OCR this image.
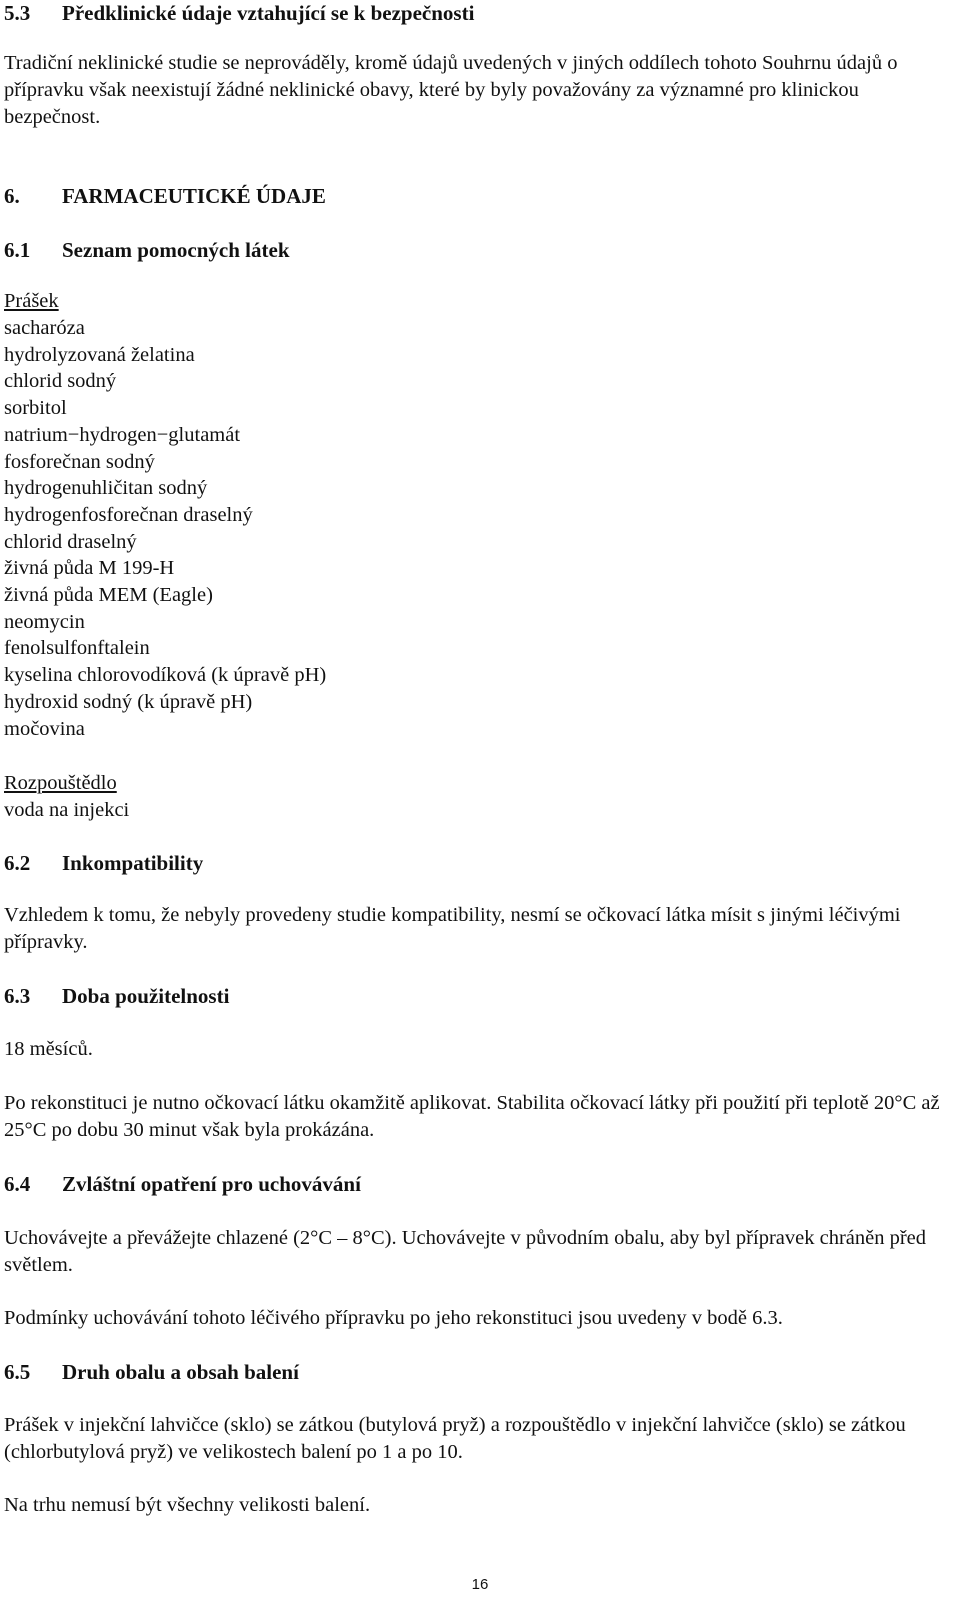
5.3 Předklinické údaje vztahující se k bezpečnosti
Tradiční neklinické studie se neprováděly, kromě údajů uvedených v jiných oddílech tohoto Souhrnu údajů o přípravku však neexistují žádné neklinické obavy, které by byly považovány za významné pro klinickou bezpečnost.
6. FARMACEUTICKÉ ÚDAJE
6.1 Seznam pomocných látek
Prášek
sacharóza
hydrolyzovaná želatina
chlorid sodný
sorbitol
natrium−hydrogen−glutamát
fosforečnan sodný
hydrogenuhličitan sodný
hydrogenfosforečnan draselný
chlorid draselný
živná půda M 199-H
živná půda MEM (Eagle)
neomycin
fenolsulfonftalein
kyselina chlorovodíková (k úpravě pH)
hydroxid sodný (k úpravě pH)
močovina
Rozpouštědlo
voda na injekci
6.2 Inkompatibility
Vzhledem k tomu, že nebyly provedeny studie kompatibility, nesmí se očkovací látka mísit s jinými léčivými přípravky.
6.3 Doba použitelnosti
18 měsíců.
Po rekonstituci je nutno očkovací látku okamžitě aplikovat. Stabilita očkovací látky při použití při teplotě 20°C až 25°C po dobu 30 minut však byla prokázána.
6.4 Zvláštní opatření pro uchovávání
Uchovávejte a převážejte chlazené (2°C – 8°C). Uchovávejte v původním obalu, aby byl přípravek chráněn před světlem.
Podmínky uchovávání tohoto léčivého přípravku po jeho rekonstituci jsou uvedeny v bodě 6.3.
6.5 Druh obalu a obsah balení
Prášek v injekční lahvičce (sklo) se zátkou (butylová pryž) a rozpouštědlo v injekční lahvičce (sklo) se zátkou (chlorbutylová pryž) ve velikostech balení po 1 a po 10.
Na trhu nemusí být všechny velikosti balení.
16
